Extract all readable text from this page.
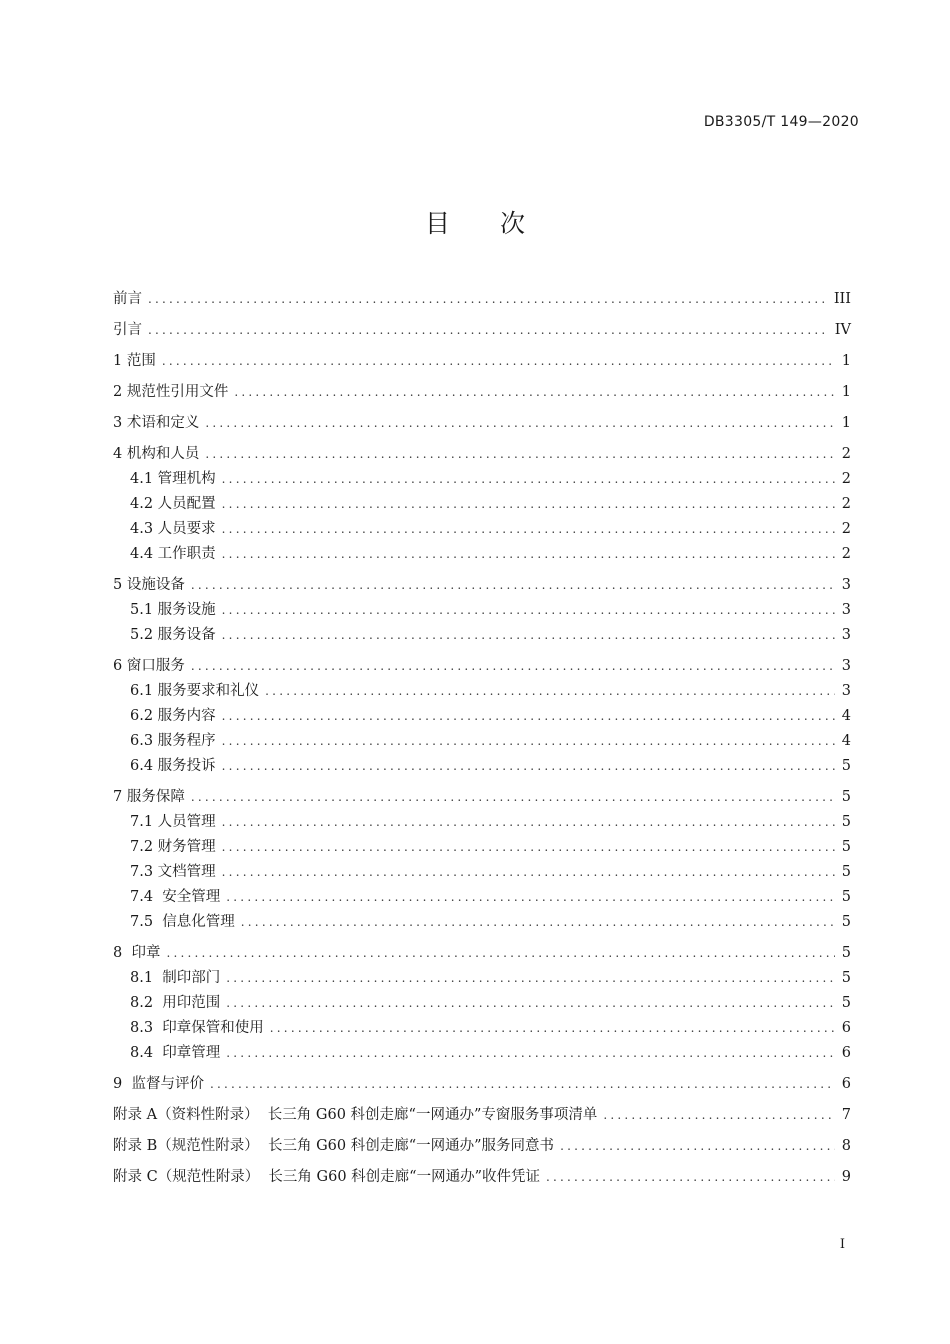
DB3305/T 149—2020
目 次
前言 .....	III
引言 .....	IV
1 范围 .....	1
2 规范性引用文件 .....	1
3 术语和定义 .....	1
4 机构和人员 .....	2
4.1 管理机构 .....	2
4.2 人员配置 .....	2
4.3 人员要求 .....	2
4.4 工作职责 .....	2
5 设施设备 .....	3
5.1 服务设施 .....	3
5.2 服务设备 .....	3
6 窗口服务 .....	3
6.1 服务要求和礼仪 .....	3
6.2 服务内容 .....	4
6.3 服务程序 .....	4
6.4 服务投诉 .....	5
7 服务保障 .....	5
7.1 人员管理 .....	5
7.2 财务管理 .....	5
7.3 文档管理 .....	5
7.4  安全管理 .....	5
7.5  信息化管理 .....	5
8  印章 .....	5
8.1  制印部门 .....	5
8.2  用印范围 .....	5
8.3  印章保管和使用 .....	6
8.4  印章管理 .....	6
9  监督与评价 .....	6
附录 A（资料性附录）  长三角 G60 科创走廊“一网通办”专窗服务事项清单 .....	7
附录 B（规范性附录）  长三角 G60 科创走廊“一网通办”服务同意书 .....	8
附录 C（规范性附录）  长三角 G60 科创走廊“一网通办”收件凭证 .....	9
I
